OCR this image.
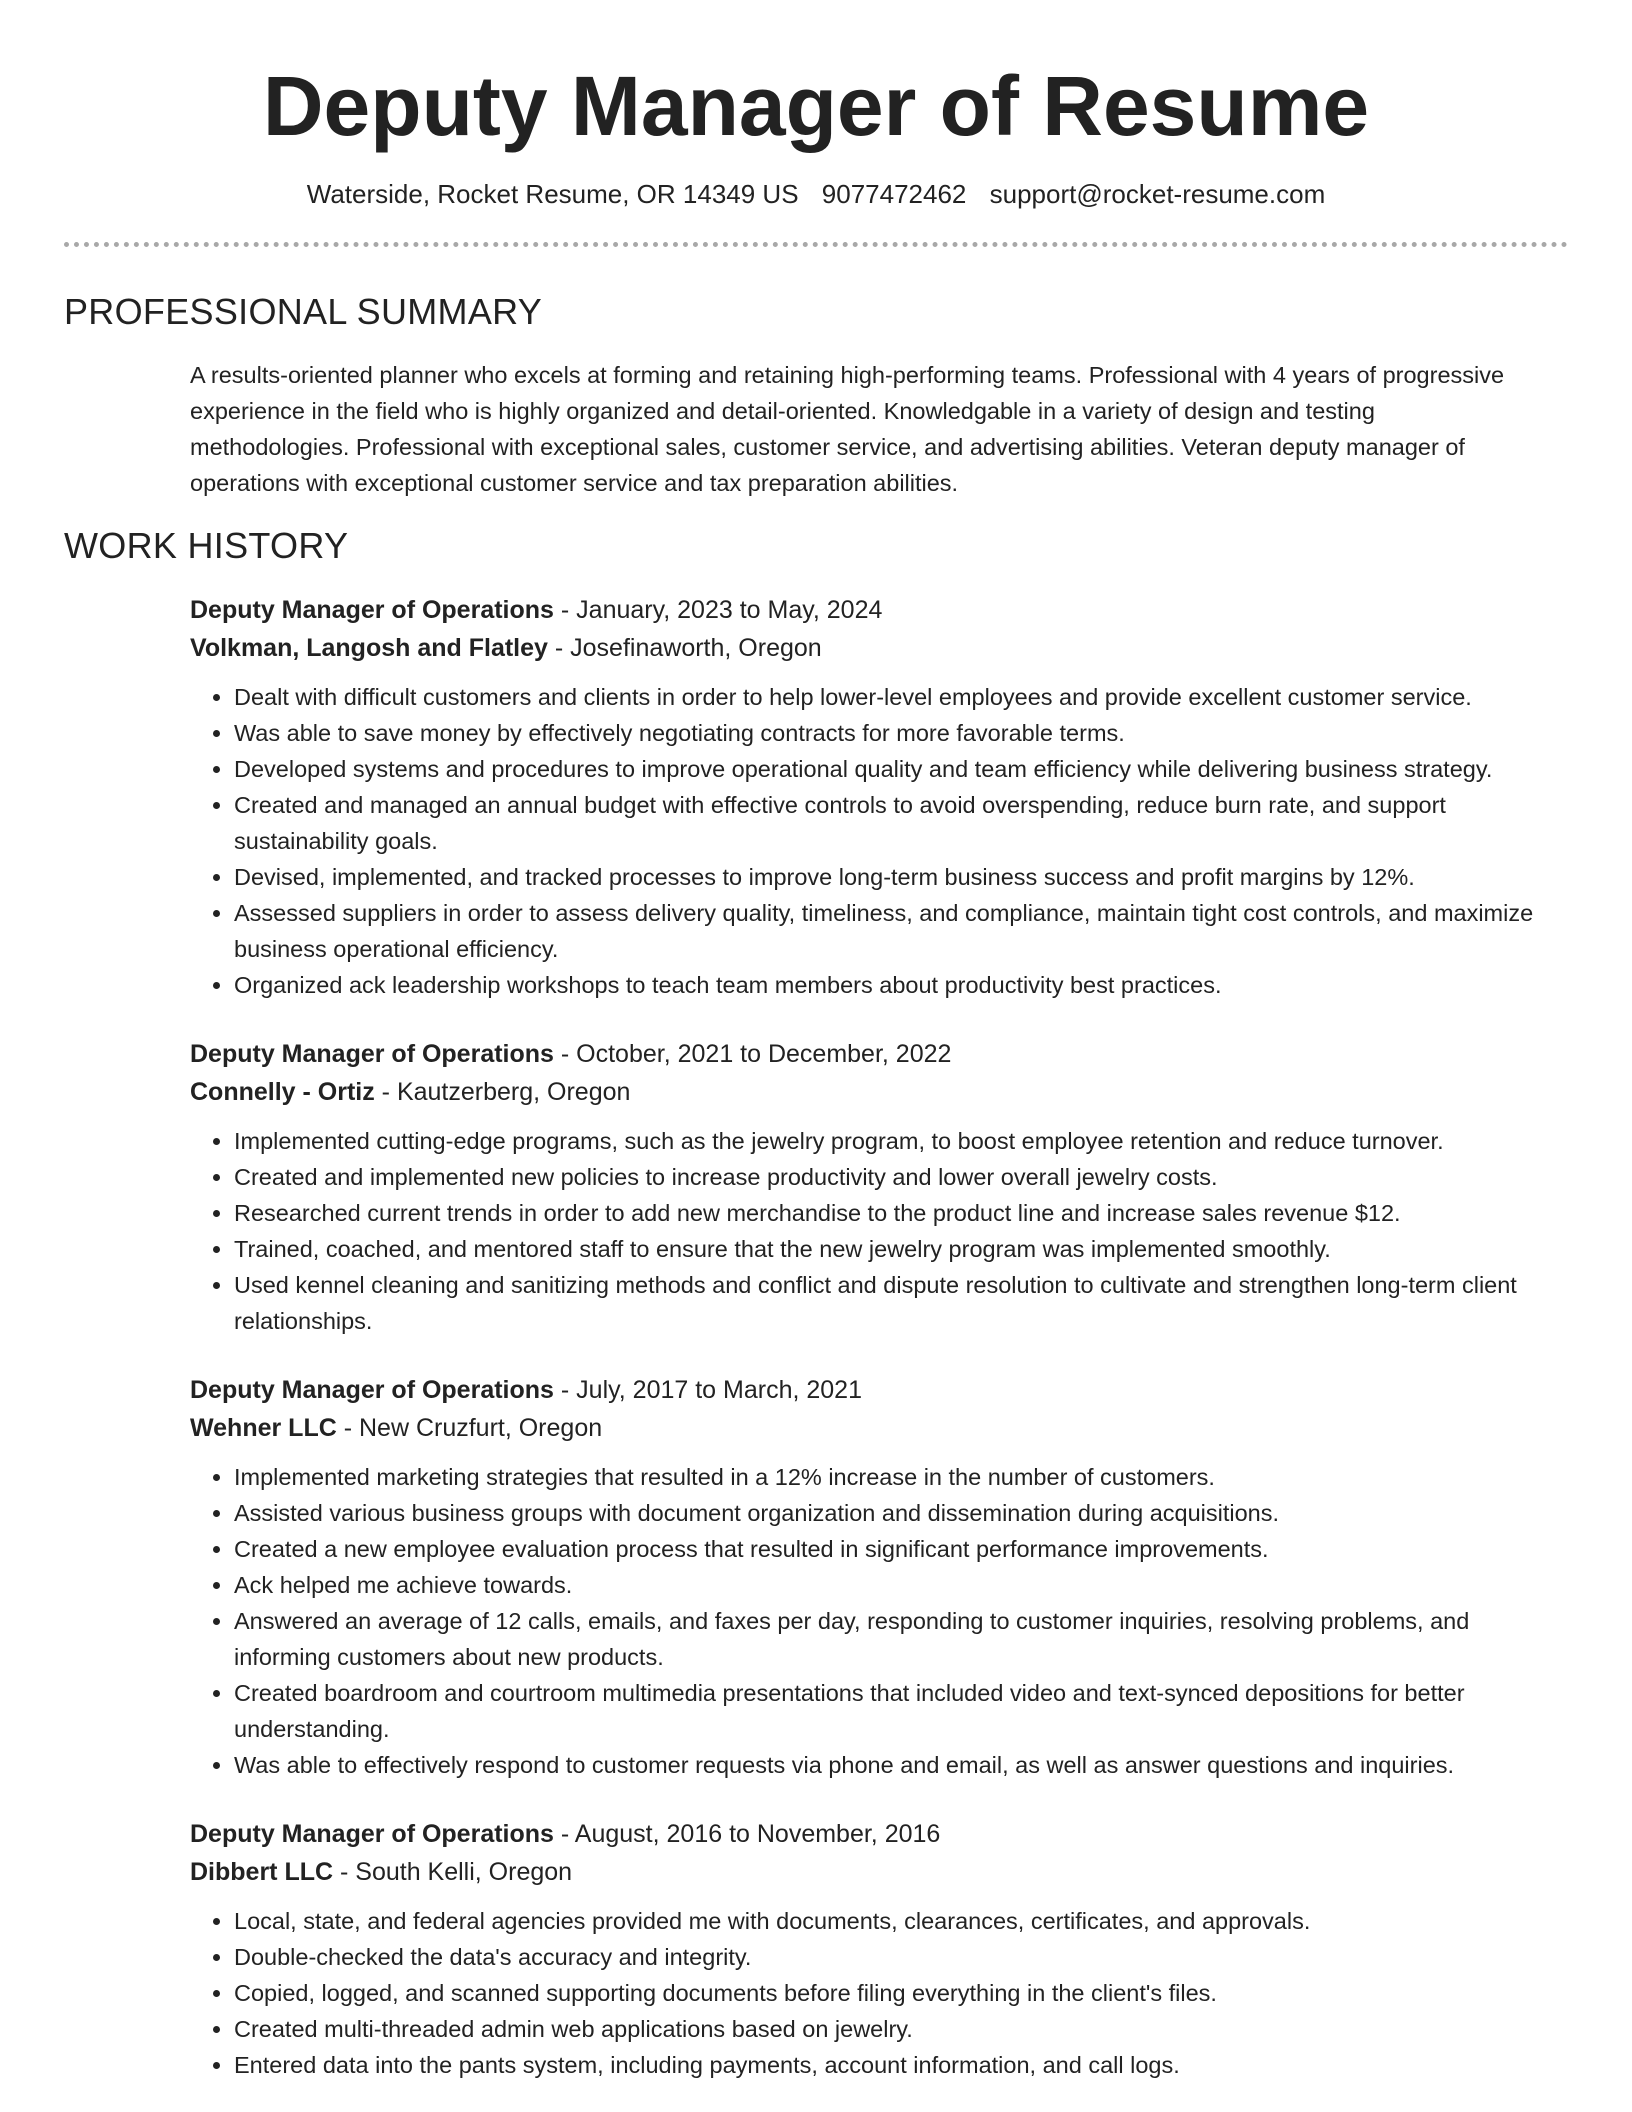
Deputy Manager of Resume
Waterside, Rocket Resume, OR 14349 US 9077472462 support@rocket-resume.com
PROFESSIONAL SUMMARY

A results-oriented planner who excels at forming and retaining high-performing teams. Professional with 4 years of progressive experience in the field who is highly organized and detail-oriented. Knowledgable in a variety of design and testing methodologies. Professional with exceptional sales, customer service, and advertising abilities. Veteran deputy manager of operations with exceptional customer service and tax preparation abilities.

WORK HISTORY
Deputy Manager of Operations - January, 2023 to May, 2024
Volkman, Langosh and Flatley - Josefinaworth, Oregon
• Dealt with difficult customers and clients in order to help lower-level employees and provide excellent customer service.
• Was able to save money by effectively negotiating contracts for more favorable terms.
• Developed systems and procedures to improve operational quality and team efficiency while delivering business strategy.
• Created and managed an annual budget with effective controls to avoid overspending, reduce burn rate, and support sustainability goals.
• Devised, implemented, and tracked processes to improve long-term business success and profit margins by 12%.
• Assessed suppliers in order to assess delivery quality, timeliness, and compliance, maintain tight cost controls, and maximize business operational efficiency.
• Organized ack leadership workshops to teach team members about productivity best practices.
Deputy Manager of Operations - October, 2021 to December, 2022
Connelly - Ortiz - Kautzerberg, Oregon
• Implemented cutting-edge programs, such as the jewelry program, to boost employee retention and reduce turnover.
• Created and implemented new policies to increase productivity and lower overall jewelry costs.
• Researched current trends in order to add new merchandise to the product line and increase sales revenue $12.
• Trained, coached, and mentored staff to ensure that the new jewelry program was implemented smoothly.
• Used kennel cleaning and sanitizing methods and conflict and dispute resolution to cultivate and strengthen long-term client relationships.
Deputy Manager of Operations - July, 2017 to March, 2021
Wehner LLC - New Cruzfurt, Oregon
• Implemented marketing strategies that resulted in a 12% increase in the number of customers.
• Assisted various business groups with document organization and dissemination during acquisitions.
• Created a new employee evaluation process that resulted in significant performance improvements.
• Ack helped me achieve towards.
• Answered an average of 12 calls, emails, and faxes per day, responding to customer inquiries, resolving problems, and informing customers about new products.
• Created boardroom and courtroom multimedia presentations that included video and text-synced depositions for better understanding.
• Was able to effectively respond to customer requests via phone and email, as well as answer questions and inquiries.
Deputy Manager of Operations - August, 2016 to November, 2016
Dibbert LLC - South Kelli, Oregon
• Local, state, and federal agencies provided me with documents, clearances, certificates, and approvals.
• Double-checked the data's accuracy and integrity.
• Copied, logged, and scanned supporting documents before filing everything in the client's files.
• Created multi-threaded admin web applications based on jewelry.
• Entered data into the pants system, including payments, account information, and call logs.
